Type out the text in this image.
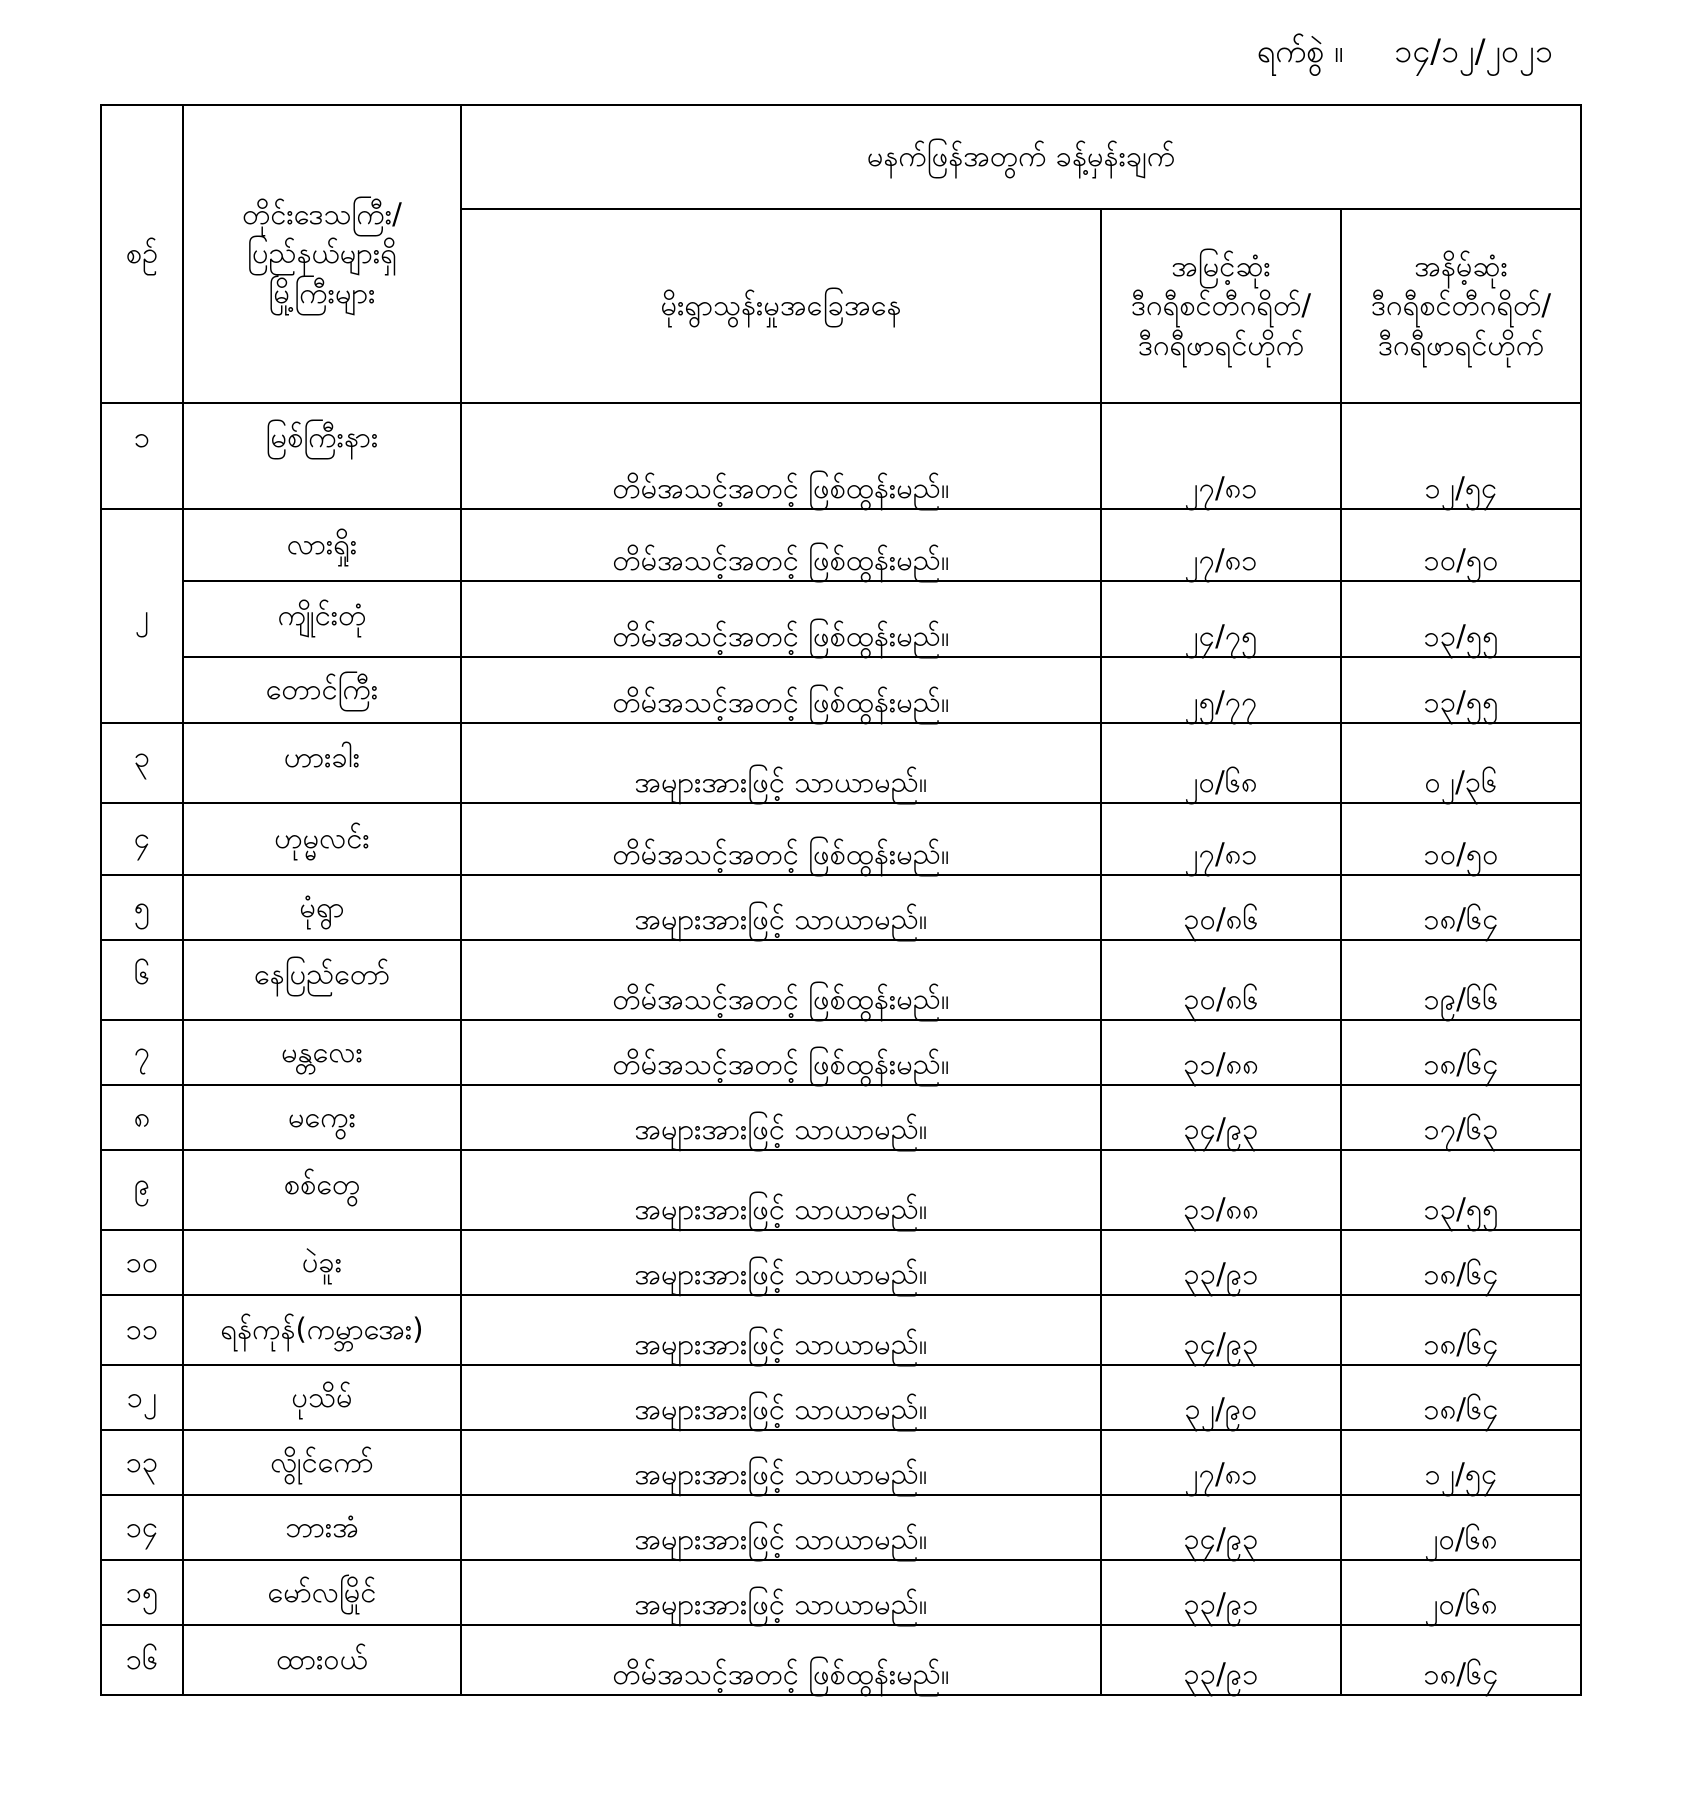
ရက်စွဲ ။ ၁၄/၁၂/၂၀၂၁
စဉ်	တိုင်းဒေသကြီး/
ပြည်နယ်များရှိ
မြို့ကြီးများ	မနက်ဖြန်အတွက် ခန့်မှန်းချက်		
		မိုးရွာသွန်းမှုအခြေအနေ	အမြင့်ဆုံး
ဒီဂရီစင်တီဂရိတ်/
ဒီဂရီဖာရင်ဟိုက်	အနိမ့်ဆုံး
ဒီဂရီစင်တီဂရိတ်/
ဒီဂရီဖာရင်ဟိုက်

၁	မြစ်ကြီးနား	တိမ်အသင့်အတင့် ဖြစ်ထွန်းမည်။	၂၇/၈၁	၁၂/၅၄
၂	လားရှိုး	တိမ်အသင့်အတင့် ဖြစ်ထွန်းမည်။	၂၇/၈၁	၁၀/၅၀
	ကျိုင်းတုံ	တိမ်အသင့်အတင့် ဖြစ်ထွန်းမည်။	၂၄/၇၅	၁၃/၅၅
	တောင်ကြီး	တိမ်အသင့်အတင့် ဖြစ်ထွန်းမည်။	၂၅/၇၇	၁၃/၅၅
၃	ဟားခါး	အများအားဖြင့် သာယာမည်။	၂၀/၆၈	၀၂/၃၆
၄	ဟုမ္မလင်း	တိမ်အသင့်အတင့် ဖြစ်ထွန်းမည်။	၂၇/၈၁	၁၀/၅၀
၅	မုံရွာ	အများအားဖြင့် သာယာမည်။	၃၀/၈၆	၁၈/၆၄
၆	နေပြည်တော်	တိမ်အသင့်အတင့် ဖြစ်ထွန်းမည်။	၃၀/၈၆	၁၉/၆၆
၇	မန္တလေး	တိမ်အသင့်အတင့် ဖြစ်ထွန်းမည်။	၃၁/၈၈	၁၈/၆၄
၈	မကွေး	အများအားဖြင့် သာယာမည်။	၃၄/၉၃	၁၇/၆၃
၉	စစ်တွေ	အများအားဖြင့် သာယာမည်။	၃၁/၈၈	၁၃/၅၅
၁၀	ပဲခူး	အများအားဖြင့် သာယာမည်။	၃၃/၉၁	၁၈/၆၄
၁၁	ရန်ကုန်(ကမ္ဘာအေး)	အများအားဖြင့် သာယာမည်။	၃၄/၉၃	၁၈/၆၄
၁၂	ပုသိမ်	အများအားဖြင့် သာယာမည်။	၃၂/၉၀	၁၈/၆၄
၁၃	လွိုင်ကော်	အများအားဖြင့် သာယာမည်။	၂၇/၈၁	၁၂/၅၄
၁၄	ဘားအံ	အများအားဖြင့် သာယာမည်။	၃၄/၉၃	၂၀/၆၈
၁၅	မော်လမြိုင်	အများအားဖြင့် သာယာမည်။	၃၃/၉၁	၂၀/၆၈
၁၆	ထားဝယ်	တိမ်အသင့်အတင့် ဖြစ်ထွန်းမည်။	၃၃/၉၁	၁၈/၆၄
